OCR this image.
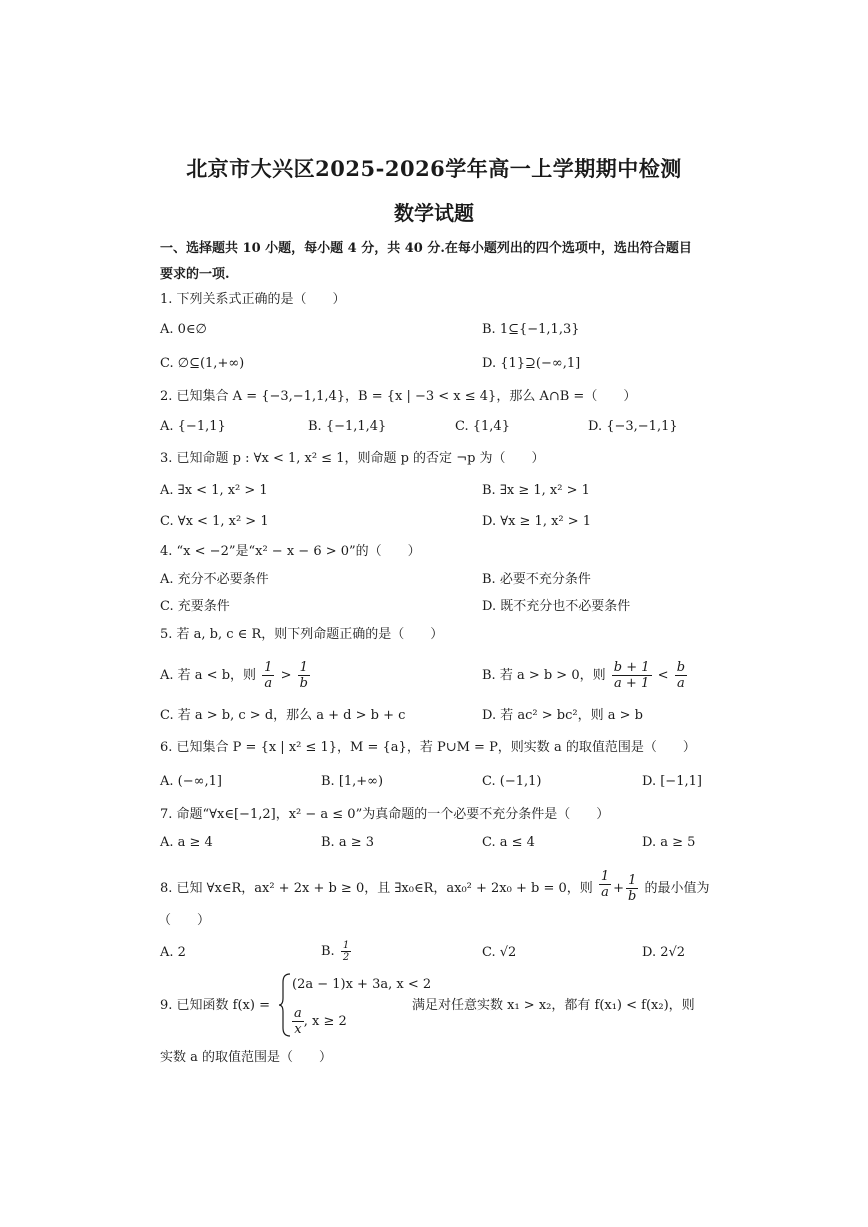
北京市大兴区2025-2026学年高一上学期期中检测
数学试题
一、选择题共 10 小题，每小题 4 分，共 40 分.在每小题列出的四个选项中，选出符合题目
要求的一项.
1. 下列关系式正确的是（　　）
A. 0∈∅	B. 1⊆{−1,1,3}
C. ∅⊆(1,+∞)	D. {1}⊇(−∞,1]
2. 已知集合 A = {−3,−1,1,4}，B = {x | −3 < x ≤ 4}，那么 A∩B =（　　）
A. {−1,1}	B. {−1,1,4}	C. {1,4}	D. {−3,−1,1}
3. 已知命题 p : ∀x < 1, x² ≤ 1，则命题 p 的否定 ¬p 为（　　）
A. ∃x < 1, x² > 1	B. ∃x ≥ 1, x² > 1
C. ∀x < 1, x² > 1	D. ∀x ≥ 1, x² > 1
4. “x < −2”是“x² − x − 6 > 0”的（　　）
A. 充分不必要条件	B. 必要不充分条件
C. 充要条件	D. 既不充分也不必要条件
5. 若 a, b, c ∈ R，则下列命题正确的是（　　）
A. 若 a < b，则 $\frac{1}{a} > \frac{1}{b}$	B. 若 a > b > 0，则 $\frac{b + 1}{a + 1} < \frac{b}{a}$
C. 若 a > b, c > d，那么 a + d > b + c	D. 若 ac² > bc²，则 a > b
6. 已知集合 P = {x | x² ≤ 1}，M = {a}，若 P∪M = P，则实数 a 的取值范围是（　　）
A. (−∞,1]	B. [1,+∞)	C. (−1,1)	D. [−1,1]
7. 命题“∀x∈[−1,2]，x² − a ≤ 0”为真命题的一个必要不充分条件是（　　）
A. a ≥ 4	B. a ≥ 3	C. a ≤ 4	D. a ≥ 5
8. 已知 ∀x∈R，ax² + 2x + b ≥ 0，且 ∃x₀∈R，ax₀² + 2x₀ + b = 0，则 $\frac{1}{a} + \frac{1}{b}$ 的最小值为
（　　）
A. 2	B. $\frac{1}{2}$	C. √2	D. 2√2
9. 已知函数 f(x) =
(2a − 1)x + 3a, x < 2
$\frac{a}{x}$ , x ≥ 2
满足对任意实数 x₁ > x₂，都有 f(x₁) < f(x₂)，则
实数 a 的取值范围是（　　）
